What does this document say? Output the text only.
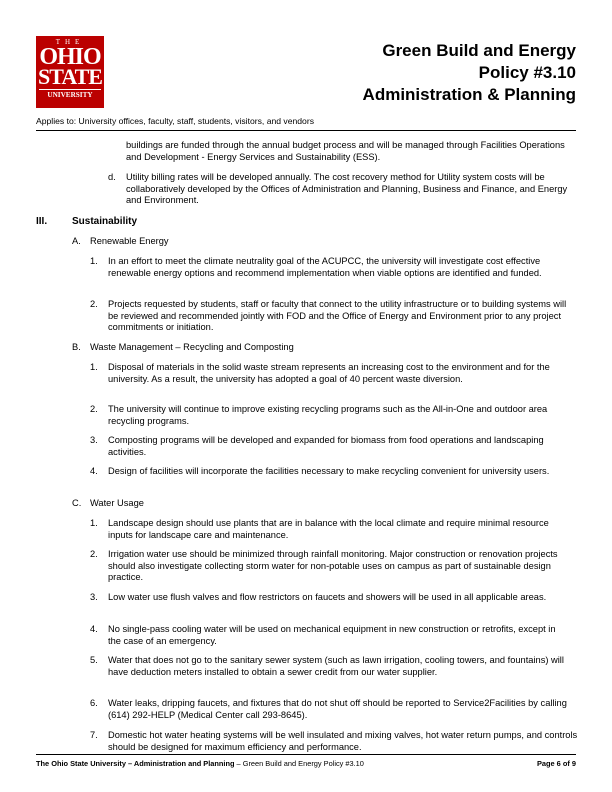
THE
OHIO
STATE
UNIVERSITY
Green Build and Energy
Policy #3.10
Administration & Planning
Applies to: University offices, faculty, staff, students, visitors, and vendors
buildings are funded through the annual budget process and will be managed through Facilities Operations and Development - Energy Services and Sustainability (ESS).
d. Utility billing rates will be developed annually. The cost recovery method for Utility system costs will be collaboratively developed by the Offices of Administration and Planning, Business and Finance, and Energy and Environment.
III. Sustainability
A. Renewable Energy
1. In an effort to meet the climate neutrality goal of the ACUPCC, the university will investigate cost effective renewable energy options and recommend implementation when viable options are identified and funded.
2. Projects requested by students, staff or faculty that connect to the utility infrastructure or to building systems will be reviewed and recommended jointly with FOD and the Office of Energy and Environment prior to any project commitments or initiation.
B. Waste Management – Recycling and Composting
1. Disposal of materials in the solid waste stream represents an increasing cost to the environment and for the university. As a result, the university has adopted a goal of 40 percent waste diversion.
2. The university will continue to improve existing recycling programs such as the All-in-One and outdoor area recycling programs.
3. Composting programs will be developed and expanded for biomass from food operations and landscaping activities.
4. Design of facilities will incorporate the facilities necessary to make recycling convenient for university users.
C. Water Usage
1. Landscape design should use plants that are in balance with the local climate and require minimal resource inputs for landscape care and maintenance.
2. Irrigation water use should be minimized through rainfall monitoring. Major construction or renovation projects should also investigate collecting storm water for non-potable uses on campus as part of sustainable design practice.
3. Low water use flush valves and flow restrictors on faucets and showers will be used in all applicable areas.
4. No single-pass cooling water will be used on mechanical equipment in new construction or retrofits, except in the case of an emergency.
5. Water that does not go to the sanitary sewer system (such as lawn irrigation, cooling towers, and fountains) will have deduction meters installed to obtain a sewer credit from our water supplier.
6. Water leaks, dripping faucets, and fixtures that do not shut off should be reported to Service2Facilities by calling (614) 292-HELP (Medical Center call 293-8645).
7. Domestic hot water heating systems will be well insulated and mixing valves, hot water return pumps, and controls should be designed for maximum efficiency and performance.
The Ohio State University – Administration and Planning – Green Build and Energy Policy #3.10	Page 6 of 9
